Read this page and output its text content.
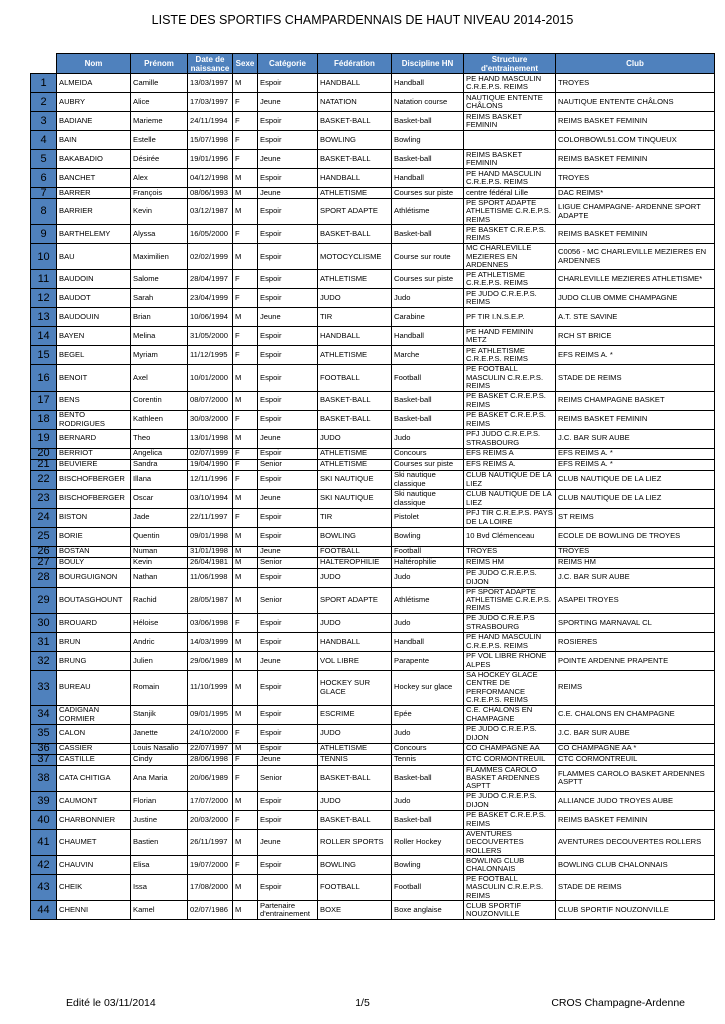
LISTE DES SPORTIFS CHAMPARDENNAIS DE HAUT NIVEAU 2014-2015
	Nom	Prénom	Date de naissance	Sexe	Catégorie	Fédération	Discipline HN	Structure d'entrainement	Club
1	ALMEIDA	Camille	13/03/1997	M	Espoir	HANDBALL	Handball	PE HAND MASCULIN C.R.E.P.S. REIMS	TROYES
2	AUBRY	Alice	17/03/1997	F	Jeune	NATATION	Natation course	NAUTIQUE ENTENTE CHÂLONS	NAUTIQUE ENTENTE CHÂLONS
3	BADIANE	Marieme	24/11/1994	F	Espoir	BASKET-BALL	Basket-ball	REIMS BASKET FEMININ	REIMS BASKET FEMININ
4	BAIN	Estelle	15/07/1998	F	Espoir	BOWLING	Bowling		COLORBOWL51.COM TINQUEUX
5	BAKABADIO	Désirée	19/01/1996	F	Jeune	BASKET-BALL	Basket-ball	REIMS BASKET FEMININ	REIMS BASKET FEMININ
6	BANCHET	Alex	04/12/1998	M	Espoir	HANDBALL	Handball	PE HAND MASCULIN C.R.E.P.S. REIMS	TROYES
7	BARRER	François	08/06/1993	M	Jeune	ATHLETISME	Courses sur piste	centre fédéral Lille	DAC REIMS*
8	BARRIER	Kevin	03/12/1987	M	Espoir	SPORT ADAPTE	Athlétisme	PE SPORT ADAPTE ATHLETISME C.R.E.P.S. REIMS	LIGUE CHAMPAGNE- ARDENNE SPORT ADAPTE
9	BARTHELEMY	Alyssa	16/05/2000	F	Espoir	BASKET-BALL	Basket-ball	PE BASKET C.R.E.P.S. REIMS	REIMS BASKET FEMININ
10	BAU	Maximilien	02/02/1999	M	Espoir	MOTOCYCLISME	Course sur route	MC CHARLEVILLE MEZIERES EN ARDENNES	C0056 - MC CHARLEVILLE MEZIERES EN ARDENNES
11	BAUDOIN	Salome	28/04/1997	F	Espoir	ATHLETISME	Courses sur piste	PE ATHLETISME C.R.E.P.S. REIMS	CHARLEVILLE MEZIERES ATHLETISME*
12	BAUDOT	Sarah	23/04/1999	F	Espoir	JUDO	Judo	PE JUDO C.R.E.P.S. REIMS	JUDO CLUB OMME CHAMPAGNE
13	BAUDOUIN	Brian	10/06/1994	M	Jeune	TIR	Carabine	PF TIR I.N.S.E.P.	A.T. STE SAVINE
14	BAYEN	Melina	31/05/2000	F	Espoir	HANDBALL	Handball	PE HAND FEMININ METZ	RCH ST BRICE
15	BEGEL	Myriam	11/12/1995	F	Espoir	ATHLETISME	Marche	PE ATHLETISME C.R.E.P.S. REIMS	EFS REIMS A. *
16	BENOIT	Axel	10/01/2000	M	Espoir	FOOTBALL	Football	PE FOOTBALL MASCULIN C.R.E.P.S. REIMS	STADE DE REIMS
17	BENS	Corentin	08/07/2000	M	Espoir	BASKET-BALL	Basket-ball	PE BASKET C.R.E.P.S. REIMS	REIMS CHAMPAGNE BASKET
18	BENTO RODRIGUES	Kathleen	30/03/2000	F	Espoir	BASKET-BALL	Basket-ball	PE BASKET C.R.E.P.S. REIMS	REIMS BASKET FEMININ
19	BERNARD	Theo	13/01/1998	M	Jeune	JUDO	Judo	PFJ JUDO C.R.E.P.S. STRASBOURG	J.C. BAR SUR AUBE
20	BERRIOT	Angelica	02/07/1999	F	Espoir	ATHLETISME	Concours	EFS REIMS A	EFS REIMS A. *
21	BEUVIERE	Sandra	19/04/1990	F	Senior	ATHLETISME	Courses sur piste	EFS REIMS A.	EFS REIMS A. *
22	BISCHOFBERGER	Illana	12/11/1996	F	Espoir	SKI NAUTIQUE	Ski nautique classique	CLUB NAUTIQUE DE LA LIEZ	CLUB NAUTIQUE DE LA LIEZ
23	BISCHOFBERGER	Oscar	03/10/1994	M	Jeune	SKI NAUTIQUE	Ski nautique classique	CLUB NAUTIQUE DE LA LIEZ	CLUB NAUTIQUE DE LA LIEZ
24	BISTON	Jade	22/11/1997	F	Espoir	TIR	Pistolet	PFJ TIR C.R.E.P.S. PAYS DE LA LOIRE	ST REIMS
25	BORIE	Quentin	09/01/1998	M	Espoir	BOWLING	Bowling	10 Bvd Clémenceau	ECOLE DE BOWLING DE TROYES
26	BOSTAN	Numan	31/01/1998	M	Jeune	FOOTBALL	Football	TROYES	TROYES
27	BOULY	Kevin	26/04/1981	M	Senior	HALTEROPHILIE	Haltérophilie	REIMS HM	REIMS HM
28	BOURGUIGNON	Nathan	11/06/1998	M	Espoir	JUDO	Judo	PE JUDO C.R.E.P.S. DIJON	J.C. BAR SUR AUBE
29	BOUTASGHOUNT	Rachid	28/05/1987	M	Senior	SPORT ADAPTE	Athlétisme	PF SPORT ADAPTE ATHLETISME C.R.E.P.S. REIMS	ASAPEI TROYES
30	BROUARD	Héloise	03/06/1998	F	Espoir	JUDO	Judo	PE JUDO C.R.E.P.S STRASBOURG	SPORTING MARNAVAL CL
31	BRUN	Andric	14/03/1999	M	Espoir	HANDBALL	Handball	PE HAND MASCULIN C.R.E.P.S. REIMS	ROSIERES
32	BRUNG	Julien	29/06/1989	M	Jeune	VOL LIBRE	Parapente	PF VOL LIBRE RHONE ALPES	POINTE ARDENNE PRAPENTE
33	BUREAU	Romain	11/10/1999	M	Espoir	HOCKEY SUR GLACE	Hockey sur glace	SA HOCKEY GLACE CENTRE DE PERFORMANCE C.R.E.P.S. REIMS	REIMS
34	CADIGNAN CORMIER	Stanjik	09/01/1995	M	Espoir	ESCRIME	Epée	C.E. CHALONS EN CHAMPAGNE	C.E. CHALONS EN CHAMPAGNE
35	CALON	Janette	24/10/2000	F	Espoir	JUDO	Judo	PE JUDO C.R.E.P.S. DIJON	J.C. BAR SUR AUBE
36	CASSIER	Louis Nasalio	22/07/1997	M	Espoir	ATHLETISME	Concours	CO CHAMPAGNE AA	CO CHAMPAGNE AA *
37	CASTILLE	Cindy	28/06/1998	F	Jeune	TENNIS	Tennis	CTC CORMONTREUIL	CTC CORMONTREUIL
38	CATA CHITIGA	Ana Maria	20/06/1989	F	Senior	BASKET-BALL	Basket-ball	FLAMMES CAROLO BASKET ARDENNES ASPTT	FLAMMES CAROLO BASKET ARDENNES ASPTT
39	CAUMONT	Florian	17/07/2000	M	Espoir	JUDO	Judo	PE JUDO C.R.E.P.S. DIJON	ALLIANCE JUDO TROYES AUBE
40	CHARBONNIER	Justine	20/03/2000	F	Espoir	BASKET-BALL	Basket-ball	PE BASKET C.R.E.P.S. REIMS	REIMS BASKET FEMININ
41	CHAUMET	Bastien	26/11/1997	M	Jeune	ROLLER SPORTS	Roller Hockey	AVENTURES DECOUVERTES ROLLERS	AVENTURES DECOUVERTES ROLLERS
42	CHAUVIN	Elisa	19/07/2000	F	Espoir	BOWLING	Bowling	BOWLING CLUB CHALONNAIS	BOWLING CLUB CHALONNAIS
43	CHEIK	Issa	17/08/2000	M	Espoir	FOOTBALL	Football	PE FOOTBALL MASCULIN C.R.E.P.S. REIMS	STADE DE REIMS
44	CHENNI	Kamel	02/07/1986	M	Partenaire d'entrainement	BOXE	Boxe anglaise	CLUB SPORTIF NOUZONVILLE	CLUB SPORTIF NOUZONVILLE
Edité le 03/11/2014	1/5	CROS Champagne-Ardenne
